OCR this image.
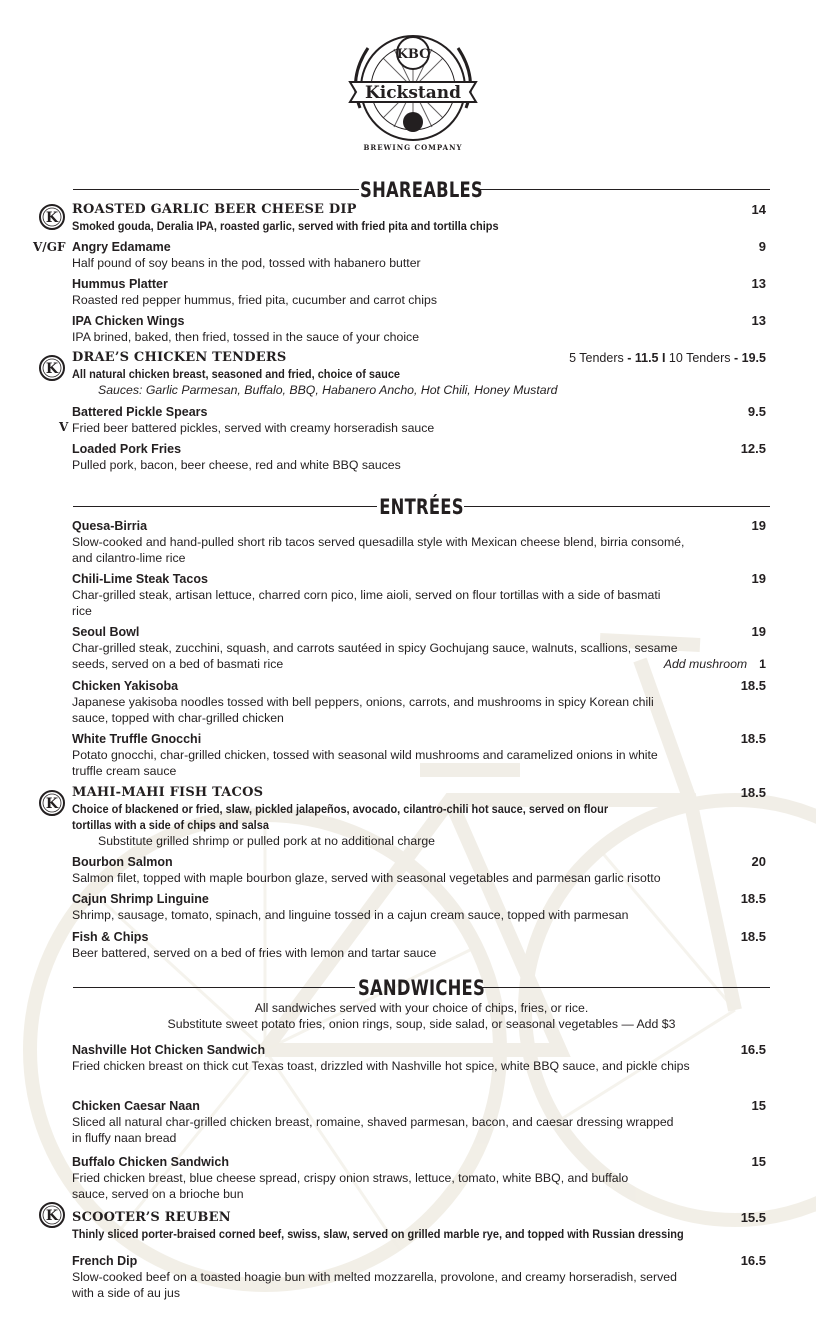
KBC
Kickstand
BREWING COMPANY
K
K
K
K
SHAREABLES
ROASTED GARLIC BEER CHEESE DIP
Smoked gouda, Deralia IPA, roasted garlic, served with fried pita and tortilla chips
14
V/GF Angry Edamame
Half pound of soy beans in the pod, tossed with habanero butter
9
Hummus Platter
Roasted red pepper hummus, fried pita, cucumber and carrot chips
13
IPA Chicken Wings
IPA brined, baked, then fried, tossed in the sauce of your choice
13
DRAE’S CHICKEN TENDERS
All natural chicken breast, seasoned and fried, choice of sauce
Sauces: Garlic Parmesan, Buffalo, BBQ, Habanero Ancho, Hot Chili, Honey Mustard
5 Tenders - 11.5 I 10 Tenders - 19.5
V
Battered Pickle Spears
Fried beer battered pickles, served with creamy horseradish sauce
9.5
Loaded Pork Fries
Pulled pork, bacon, beer cheese, red and white BBQ sauces
12.5
ENTRÉES
Quesa-Birria
Slow-cooked and hand-pulled short rib tacos served quesadilla style with Mexican cheese blend, birria consomé, and cilantro-lime rice
19
Chili-Lime Steak Tacos
Char-grilled steak, artisan lettuce, charred corn pico, lime aioli, served on flour tortillas with a side of basmati rice
19
Seoul Bowl
Char-grilled steak, zucchini, squash, and carrots sautéed in spicy Gochujang sauce, walnuts, scallions, sesame seeds, served on a bed of basmati rice
19
Add mushroom 1
Chicken Yakisoba
Japanese yakisoba noodles tossed with bell peppers, onions, carrots, and mushrooms in spicy Korean chili sauce, topped with char-grilled chicken
18.5
White Truffle Gnocchi
Potato gnocchi, char-grilled chicken, tossed with seasonal wild mushrooms and caramelized onions in white truffle cream sauce
18.5
MAHI-MAHI FISH TACOS
Choice of blackened or fried, slaw, pickled jalapeños, avocado, cilantro-chili hot sauce, served on flour tortillas with a side of chips and salsa
Substitute grilled shrimp or pulled pork at no additional charge
18.5
Bourbon Salmon
Salmon filet, topped with maple bourbon glaze, served with seasonal vegetables and parmesan garlic risotto
20
Cajun Shrimp Linguine
Shrimp, sausage, tomato, spinach, and linguine tossed in a cajun cream sauce, topped with parmesan
18.5
Fish & Chips
Beer battered, served on a bed of fries with lemon and tartar sauce
18.5
SANDWICHES
All sandwiches served with your choice of chips, fries, or rice.
Substitute sweet potato fries, onion rings, soup, side salad, or seasonal vegetables — Add $3
Nashville Hot Chicken Sandwich
Fried chicken breast on thick cut Texas toast, drizzled with Nashville hot spice, white BBQ sauce, and pickle chips
16.5
Chicken Caesar Naan
Sliced all natural char-grilled chicken breast, romaine, shaved parmesan, bacon, and caesar dressing wrapped in fluffy naan bread
15
Buffalo Chicken Sandwich
Fried chicken breast, blue cheese spread, crispy onion straws, lettuce, tomato, white BBQ, and buffalo sauce, served on a brioche bun
15
SCOOTER’S REUBEN
Thinly sliced porter-braised corned beef, swiss, slaw, served on grilled marble rye, and topped with Russian dressing
15.5
French Dip
Slow-cooked beef on a toasted hoagie bun with melted mozzarella, provolone, and creamy horseradish, served with a side of au jus
16.5
